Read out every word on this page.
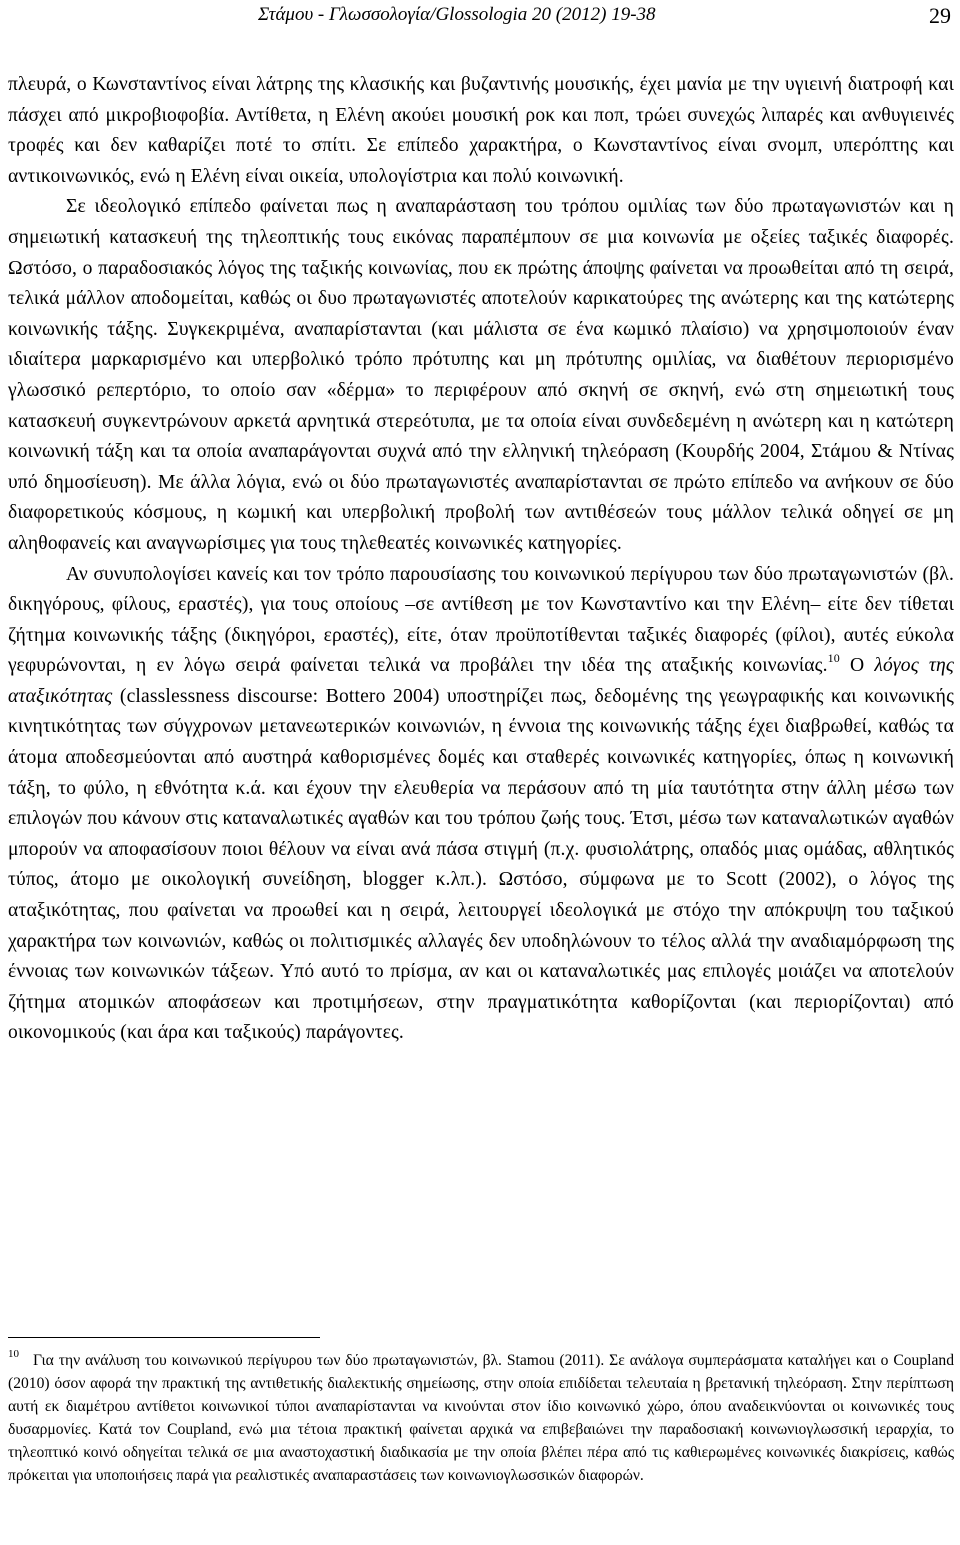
Στάμου - Γλωσσολογία/Glossologia 20 (2012) 19-38	29

πλευρά, ο Κωνσταντίνος είναι λάτρης της κλασικής και βυζαντινής μουσικής, έχει μανία με την υγιεινή διατροφή και πάσχει από μικροβιοφοβία. Αντίθετα, η Ελένη ακούει μουσική ροκ και ποπ, τρώει συνεχώς λιπαρές και ανθυγιεινές τροφές και δεν καθαρίζει ποτέ το σπίτι. Σε επίπεδο χαρακτήρα, ο Κωνσταντίνος είναι σνομπ, υπερόπτης και αντικοινωνικός, ενώ η Ελένη είναι οικεία, υπολογίστρια και πολύ κοινωνική.

Σε ιδεολογικό επίπεδο φαίνεται πως η αναπαράσταση του τρόπου ομιλίας των δύο πρωταγωνιστών και η σημειωτική κατασκευή της τηλεοπτικής τους εικόνας παραπέμπουν σε μια κοινωνία με οξείες ταξικές διαφορές. Ωστόσο, ο παραδοσιακός λόγος της ταξικής κοινωνίας, που εκ πρώτης άποψης φαίνεται να προωθείται από τη σειρά, τελικά μάλλον αποδομείται, καθώς οι δυο πρωταγωνιστές αποτελούν καρικατούρες της ανώτερης και της κατώτερης κοινωνικής τάξης. Συγκεκριμένα, αναπαρίστανται (και μάλιστα σε ένα κωμικό πλαίσιο) να χρησιμοποιούν έναν ιδιαίτερα μαρκαρισμένο και υπερβολικό τρόπο πρότυπης και μη πρότυπης ομιλίας, να διαθέτουν περιορισμένο γλωσσικό ρεπερτόριο, το οποίο σαν «δέρμα» το περιφέρουν από σκηνή σε σκηνή, ενώ στη σημειωτική τους κατασκευή συγκεντρώνουν αρκετά αρνητικά στερεότυπα, με τα οποία είναι συνδεδεμένη η ανώτερη και η κατώτερη κοινωνική τάξη και τα οποία αναπαράγονται συχνά από την ελληνική τηλεόραση (Κουρδής 2004, Στάμου & Ντίνας υπό δημοσίευση). Με άλλα λόγια, ενώ οι δύο πρωταγωνιστές αναπαρίστανται σε πρώτο επίπεδο να ανήκουν σε δύο διαφορετικούς κόσμους, η κωμική και υπερβολική προβολή των αντιθέσεών τους μάλλον τελικά οδηγεί σε μη αληθοφανείς και αναγνωρίσιμες για τους τηλεθεατές κοινωνικές κατηγορίες.

Αν συνυπολογίσει κανείς και τον τρόπο παρουσίασης του κοινωνικού περίγυρου των δύο πρωταγωνιστών (βλ. δικηγόρους, φίλους, εραστές), για τους οποίους –σε αντίθεση με τον Κωνσταντίνο και την Ελένη– είτε δεν τίθεται ζήτημα κοινωνικής τάξης (δικηγόροι, εραστές), είτε, όταν προϋποτίθενται ταξικές διαφορές (φίλοι), αυτές εύκολα γεφυρώνονται, η εν λόγω σειρά φαίνεται τελικά να προβάλει την ιδέα της αταξικής κοινωνίας.$^{10}$ Ο λόγος της αταξικότητας (classlessness discourse: Bottero 2004) υποστηρίζει πως, δεδομένης της γεωγραφικής και κοινωνικής κινητικότητας των σύγχρονων μετανεωτερικών κοινωνιών, η έννοια της κοινωνικής τάξης έχει διαβρωθεί, καθώς τα άτομα αποδεσμεύονται από αυστηρά καθορισμένες δομές και σταθερές κοινωνικές κατηγορίες, όπως η κοινωνική τάξη, το φύλο, η εθνότητα κ.ά. και έχουν την ελευθερία να περάσουν από τη μία ταυτότητα στην άλλη μέσω των επιλογών που κάνουν στις καταναλωτικές αγαθών και του τρόπου ζωής τους. Έτσι, μέσω των καταναλωτικών αγαθών μπορούν να αποφασίσουν ποιοι θέλουν να είναι ανά πάσα στιγμή (π.χ. φυσιολάτρης, οπαδός μιας ομάδας, αθλητικός τύπος, άτομο με οικολογική συνείδηση, blogger κ.λπ.). Ωστόσο, σύμφωνα με το Scott (2002), ο λόγος της αταξικότητας, που φαίνεται να προωθεί και η σειρά, λειτουργεί ιδεολογικά με στόχο την απόκρυψη του ταξικού χαρακτήρα των κοινωνιών, καθώς οι πολιτισμικές αλλαγές δεν υποδηλώνουν το τέλος αλλά την αναδιαμόρφωση της έννοιας των κοινωνικών τάξεων. Υπό αυτό το πρίσμα, αν και οι καταναλωτικές μας επιλογές μοιάζει να αποτελούν ζήτημα ατομικών αποφάσεων και προτιμήσεων, στην πραγματικότητα καθορίζονται (και περιορίζονται) από οικονομικούς (και άρα και ταξικούς) παράγοντες.

$^{10}$ Για την ανάλυση του κοινωνικού περίγυρου των δύο πρωταγωνιστών, βλ. Stamou (2011). Σε ανάλογα συμπεράσματα καταλήγει και ο Coupland (2010) όσον αφορά την πρακτική της αντιθετικής διαλεκτικής σημείωσης, στην οποία επιδίδεται τελευταία η βρετανική τηλεόραση. Στην περίπτωση αυτή εκ διαμέτρου αντίθετοι κοινωνικοί τύποι αναπαρίστανται να κινούνται στον ίδιο κοινωνικό χώρο, όπου αναδεικνύονται οι κοινωνικές τους δυσαρμονίες. Κατά τον Coupland, ενώ μια τέτοια πρακτική φαίνεται αρχικά να επιβεβαιώνει την παραδοσιακή κοινωνιογλωσσική ιεραρχία, το τηλεοπτικό κοινό οδηγείται τελικά σε μια αναστοχαστική διαδικασία με την οποία βλέπει πέρα από τις καθιερωμένες κοινωνικές διακρίσεις, καθώς πρόκειται για υποποιήσεις παρά για ρεαλιστικές αναπαραστάσεις των κοινωνιογλωσσικών διαφορών.
